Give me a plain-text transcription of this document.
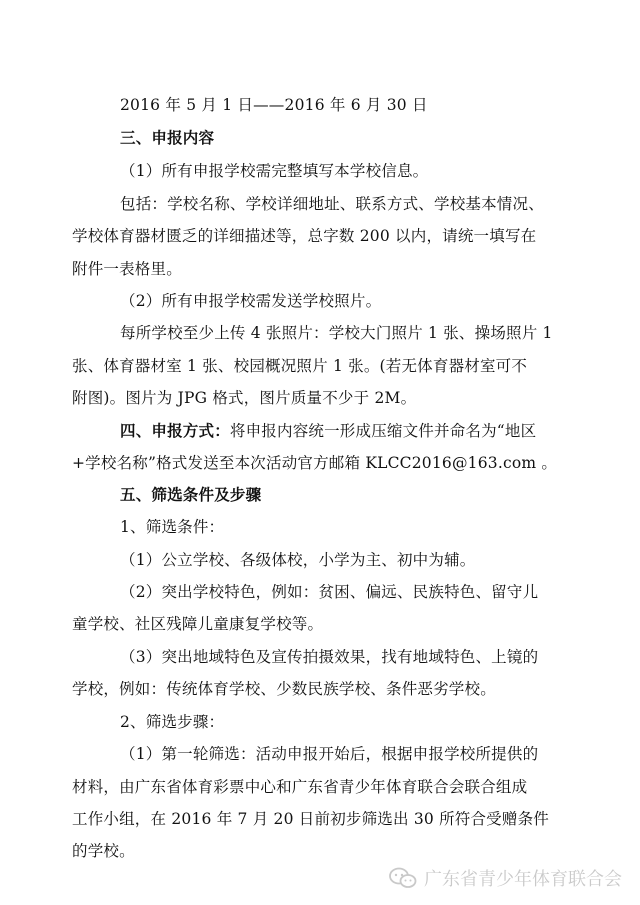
2016 年 5 月 1 日——2016 年 6 月 30 日
三、申报内容
（1）所有申报学校需完整填写本学校信息。
包括：学校名称、学校详细地址、联系方式、学校基本情况、
学校体育器材匮乏的详细描述等，总字数 200 以内，请统一填写在
附件一表格里。
（2）所有申报学校需发送学校照片。
每所学校至少上传 4 张照片：学校大门照片 1 张、操场照片 1
张、体育器材室 1 张、校园概况照片 1 张。(若无体育器材室可不
附图)。图片为 JPG 格式，图片质量不少于 2M。
四、申报方式：将申报内容统一形成压缩文件并命名为“地区
+学校名称”格式发送至本次活动官方邮箱 KLCC2016@163.com 。
五、筛选条件及步骤
1、筛选条件：
（1）公立学校、各级体校，小学为主、初中为辅。
（2）突出学校特色，例如：贫困、偏远、民族特色、留守儿
童学校、社区残障儿童康复学校等。
（3）突出地域特色及宣传拍摄效果，找有地域特色、上镜的
学校，例如：传统体育学校、少数民族学校、条件恶劣学校。
2、筛选步骤：
（1）第一轮筛选：活动申报开始后，根据申报学校所提供的
材料，由广东省体育彩票中心和广东省青少年体育联合会联合组成
工作小组，在 2016 年 7 月 20 日前初步筛选出 30 所符合受赠条件
的学校。
广东省青少年体育联合会
